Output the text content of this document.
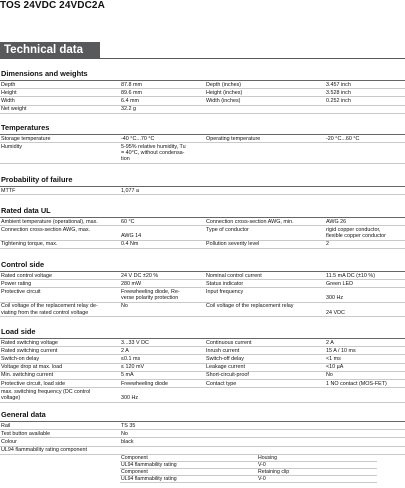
TOS 24VDC 24VDC2A
Technical data
Dimensions and weights
Depth	87.8 mm	Depth (inches)	3.457 inch
Height	89.6 mm	Height (inches)	3.528 inch
Width	6.4 mm	Width (inches)	0.252 inch
Net weight	32.2 g		
Temperatures
Storage temperature	-40 °C...70 °C	Operating temperature	-20 °C...60 °C
Humidity	5-95% relative humidity, Tu
= 40°C, without condensa-
tion		
Probability of failure
MTTF	1,077 a		
Rated data UL
Ambient temperature (operational), max.	60 °C	Connection cross-section AWG, min.	AWG 26
Connection cross-section AWG, max.	
AWG 14	Type of conductor	rigid copper conductor,
flexible copper conductor
Tightening torque, max.	0.4 Nm	Pollution severity level	2
Control side
Rated control voltage	24 V DC ±20 %	Nominal control current	11.5 mA DC (±10 %)
Power rating	280 mW	Status indicator	Green LED
Protective circuit	Freewheeling diode, Re-
verse polarity protection	Input frequency	
300 Hz
Coil voltage of the replacement relay de-
viating from the rated control voltage	No	Coil voltage of the replacement relay	
24 VDC
Load side
Rated switching voltage	3...33 V DC	Continuous current	2 A
Rated switching current	2 A	Inrush current	15 A / 10 ms
Switch-on delay	≤0.1 ms	Switch-off delay	<1 ms
Voltage drop at max. load	≤ 120 mV	Leakage current	<10 µA
Min. switching current	5 mA	Short-circuit-proof	No
Protective circuit, load side	Freewheeling diode	Contact type	1 NO contact (MOS-FET)
max. switching frequency (DC control
voltage)	
300 Hz		
General data
Rail	TS 35		
Test button available	No		
Colour	black		
UL94 flammability rating component			
Component	Housing
UL94 flammability rating	V-0
Component	Retaining clip
UL94 flammability rating	V-0
